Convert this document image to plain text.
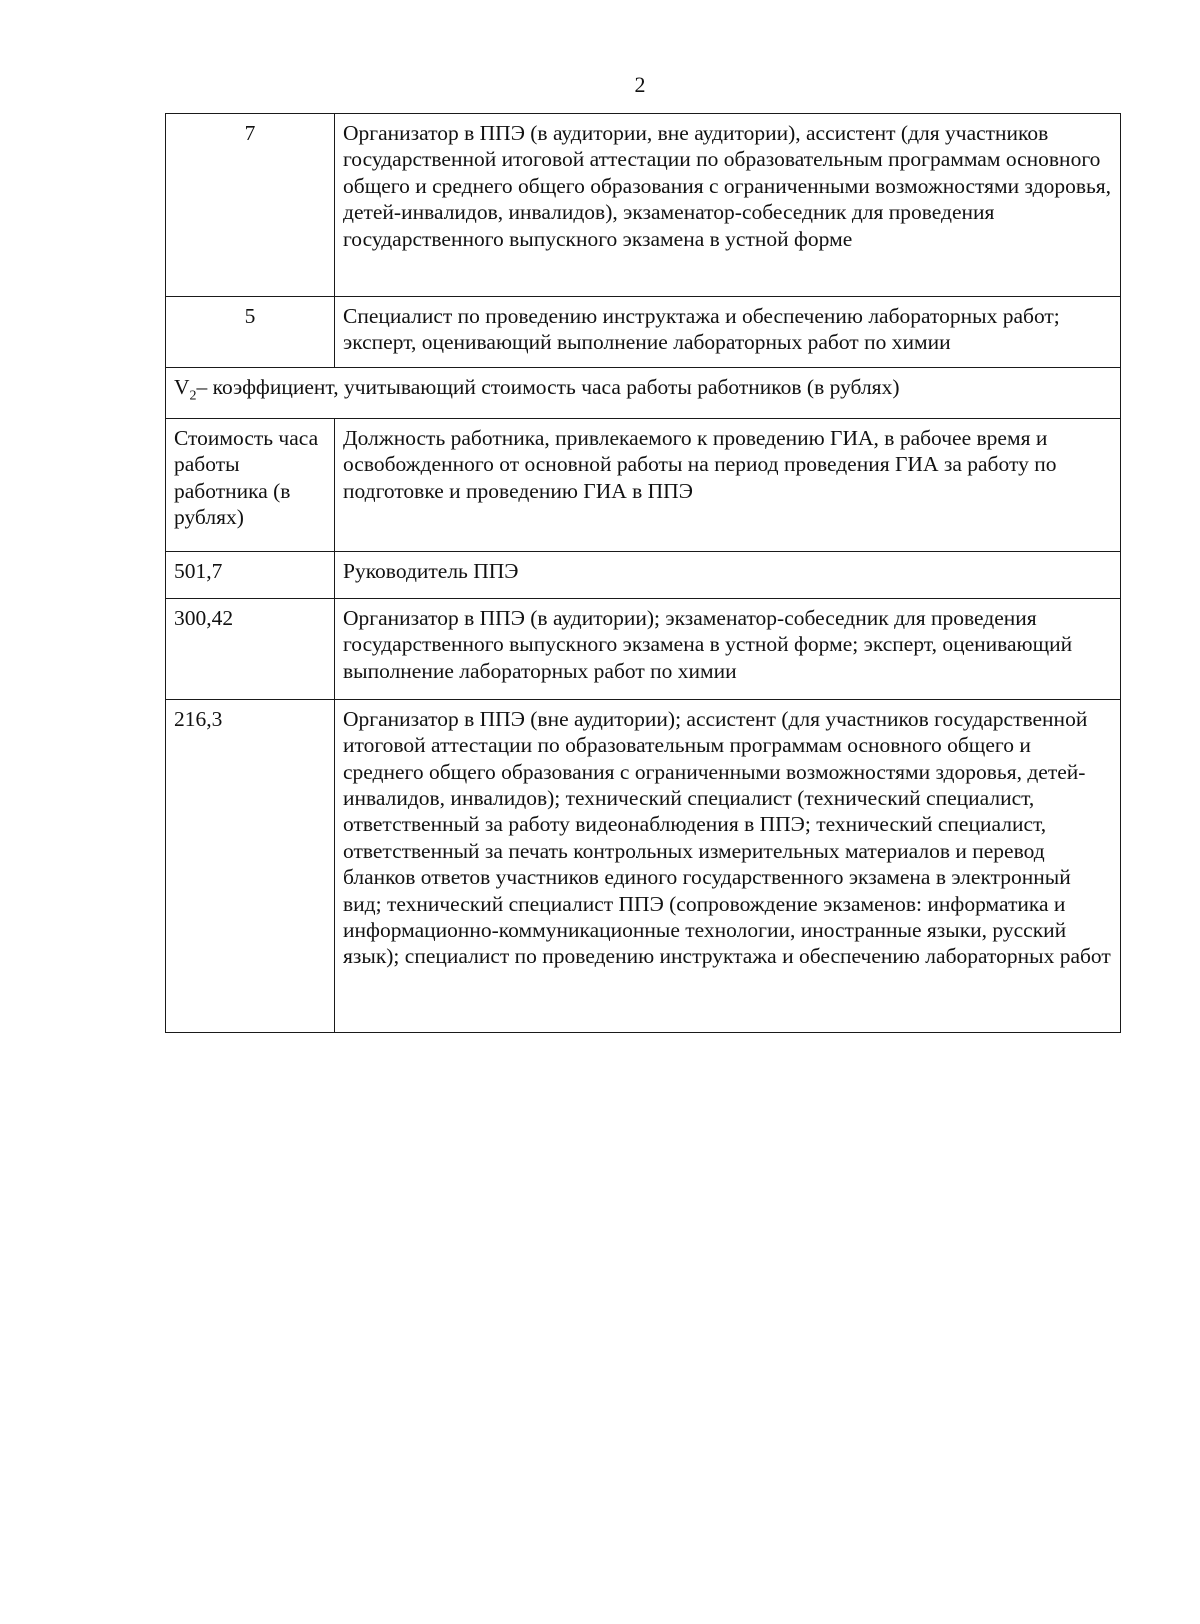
2
7	Организатор в ППЭ (в аудитории, вне аудитории), ассистент (для участников государственной итоговой аттестации по образовательным программам основного общего и среднего общего образования с ограниченными возможностями здоровья, детей-инвалидов, инвалидов), экзаменатор-собеседник для проведения государственного выпускного экзамена в устной форме
5	Специалист по проведению инструктажа и обеспечению лабораторных работ; эксперт, оценивающий выполнение лабораторных работ по химии
$V_2-$ коэффициент, учитывающий стоимость часа работы работников (в рублях)	
Стоимость часа работы работника (в рублях)	Должность работника, привлекаемого к проведению ГИА, в рабочее время и освобожденного от основной работы на период проведения ГИА за работу по подготовке и проведению ГИА в ППЭ
501,7	Руководитель ППЭ
300,42	Организатор в ППЭ (в аудитории); экзаменатор-собеседник для проведения государственного выпускного экзамена в устной форме; эксперт, оценивающий выполнение лабораторных работ по химии
216,3	Организатор в ППЭ (вне аудитории); ассистент (для участников государственной итоговой аттестации по образовательным программам основного общего и среднего общего образования с ограниченными возможностями здоровья, детей-инвалидов, инвалидов); технический специалист (технический специалист, ответственный за работу видеонаблюдения в ППЭ; технический специалист, ответственный за печать контрольных измерительных материалов и перевод бланков ответов участников единого государственного экзамена в электронный вид; технический специалист ППЭ (сопровождение экзаменов: информатика и информационно-коммуникационные технологии, иностранные языки, русский язык); специалист по проведению инструктажа и обеспечению лабораторных работ
